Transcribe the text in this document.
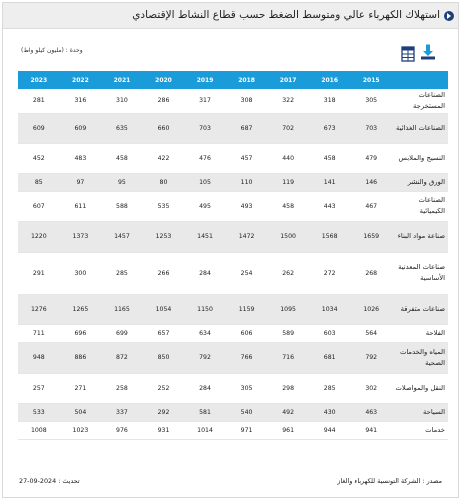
استهلاك الكهرباء عالي ومتوسط الضغط حسب قطاع النشاط الإقتصادي
وحدة : (مليون كيلو واط)
	2015	2016	2017	2018	2019	2020	2021	2022	2023
الصناعات المستخرجة	305	318	322	308	317	286	310	316	281
الصناعات الغذائية	703	673	702	687	703	660	635	609	609
النسيج والملابس	479	458	440	457	476	422	458	483	452
الورق والنشر	146	141	119	110	105	80	95	97	85
الصناعات الكيميائية	467	443	458	493	495	535	588	611	607
صناعة مواد البناء	1659	1568	1500	1472	1451	1253	1457	1373	1220
صناعات المعدنية الأساسية	268	272	262	254	284	266	285	300	291
صناعات متفرقة	1026	1034	1095	1159	1150	1054	1165	1265	1276
الفلاحة	564	603	589	606	634	657	699	696	711
المياه والخدمات الصحية	792	681	716	766	792	850	872	886	948
النقل والمواصلات	302	285	298	305	284	252	258	271	257
السياحة	463	430	492	540	581	292	337	504	533
خدمات	941	944	961	971	1014	931	976	1023	1008
مصدر : الشركة التونسية للكهرباء والغاز
تحديث : 2024-09-27
